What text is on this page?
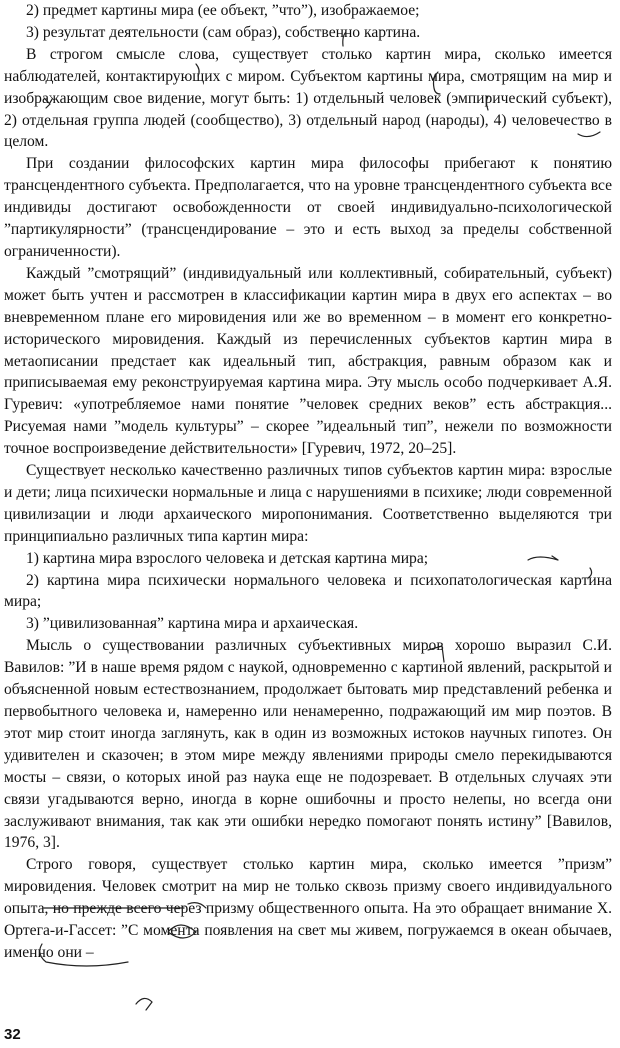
2) предмет картины мира (ее объект, ”что”), изображаемое;

3) результат деятельности (сам образ), собственно картина.

В строгом смысле слова, существует столько картин мира, сколько имеется наблюдателей, контактирующих с миром. Субъектом картины мира, смотрящим на мир и изображающим свое видение, могут быть: 1) отдельный человек (эмпирический субъект), 2) отдельная группа людей (сообщество), 3) отдельный народ (народы), 4) человечество в целом.

При создании философских картин мира философы прибегают к понятию трансцендентного субъекта. Предполагается, что на уровне трансцендентного субъекта все индивиды достигают освобожденности от своей индивидуально-психологической ”партикулярности” (трансцендирование – это и есть выход за пределы собственной ограниченности).

Каждый ”смотрящий” (индивидуальный или коллективный, собирательный, субъект) может быть учтен и рассмотрен в классификации картин мира в двух его аспектах – во вневременном плане его мировидения или же во временном – в момент его конкретно-исторического мировидения. Каждый из перечисленных субъектов картин мира в метаописании предстает как идеальный тип, абстракция, равным образом как и приписываемая ему реконструируемая картина мира. Эту мысль особо подчеркивает А.Я. Гуревич: «употребляемое нами понятие ”человек средних веков” есть абстракция... Рисуемая нами ”модель культуры” – скорее ”идеальный тип”, нежели по возможности точное воспроизведение действительности» [Гуревич, 1972, 20–25].

Существует несколько качественно различных типов субъектов картин мира: взрослые и дети; лица психически нормальные и лица с нарушениями в психике; люди современной цивилизации и люди архаического миропонимания. Соответственно выделяются три принципиально различных типа картин мира:

1) картина мира взрослого человека и детская картина мира;

2) картина мира психически нормального человека и психопатологическая картина мира;

3) ”цивилизованная” картина мира и архаическая.

Мысль о существовании различных субъективных миров хорошо выразил С.И. Вавилов: ”И в наше время рядом с наукой, одновременно с картиной явлений, раскрытой и объясненной новым естествознанием, продолжает бытовать мир представлений ребенка и первобытного человека и, намеренно или ненамеренно, подражающий им мир поэтов. В этот мир стоит иногда заглянуть, как в один из возможных истоков научных гипотез. Он удивителен и сказочен; в этом мире между явлениями природы смело перекидываются мосты – связи, о которых иной раз наука еще не подозревает. В отдельных случаях эти связи угадываются верно, иногда в корне ошибочны и просто нелепы, но всегда они заслуживают внимания, так как эти ошибки нередко помогают понять истину” [Вавилов, 1976, 3].

Строго говоря, существует столько картин мира, сколько имеется ”призм” мировидения. Человек смотрит на мир не только сквозь призму своего индивидуального опыта, но прежде всего через призму общественного опыта. На это обращает внимание Х. Ортега-и-Гассет: ”С момента появления на свет мы живем, погружаемся в океан обычаев, именно они –

32
